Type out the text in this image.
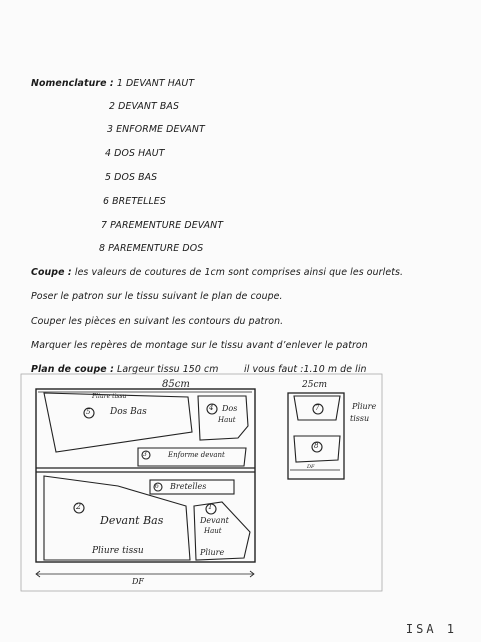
Nomenclature : 1 DEVANT HAUT
2 DEVANT BAS
3 ENFORME DEVANT
4 DOS HAUT
5 DOS BAS
6 BRETELLES
7 PAREMENTURE DEVANT
8 PAREMENTURE DOS
Coupe : les valeurs de coutures de 1cm sont comprises ainsi que les ourlets.
Poser le patron sur le tissu suivant le plan de coupe.
Couper les pièces en suivant les contours du patron.
Marquer les repères de montage sur le tissu avant d’enlever le patron
Plan de coupe : Largeur tissu 150 cm	il vous faut :1.10 m de lin
85cm	25cm
5 Dos Bas
Pliure tissu
4 Dos
Haut
3	Enforme devant
6 Bretelles
2
Devant Bas
Pliure tissu
1
Devant
Haut
Pliure
7
8
Pliure
tissu
DF
DF
ISA 1
